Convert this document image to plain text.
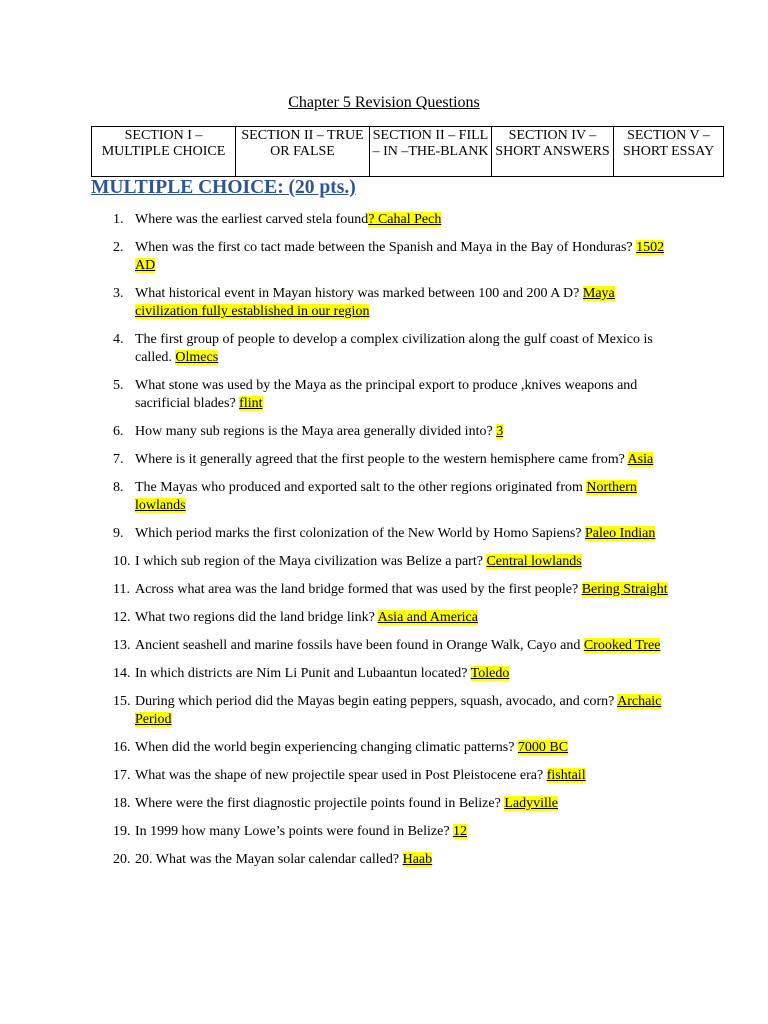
Chapter 5 Revision Questions
SECTION I – MULTIPLE CHOICE	SECTION II – TRUE OR FALSE	SECTION II – FILL – IN –THE-BLANK	SECTION IV – SHORT ANSWERS	SECTION V – SHORT ESSAY
MULTIPLE CHOICE: (20 pts.)
1. Where was the earliest carved stela found? Cahal Pech
2. When was the first co tact made between the Spanish and Maya in the Bay of Honduras? 1502 AD
3. What historical event in Mayan history was marked between 100 and 200 A D? Maya civilization fully established in our region
4. The first group of people to develop a complex civilization along the gulf coast of Mexico is called. Olmecs
5. What stone was used by the Maya as the principal export to produce ,knives weapons and sacrificial blades? flint
6. How many sub regions is the Maya area generally divided into? 3
7. Where is it generally agreed that the first people to the western hemisphere came from? Asia
8. The Mayas who produced and exported salt to the other regions originated from Northern lowlands
9. Which period marks the first colonization of the New World by Homo Sapiens? Paleo Indian
10. I which sub region of the Maya civilization was Belize a part? Central lowlands
11. Across what area was the land bridge formed that was used by the first people? Bering Straight
12. What two regions did the land bridge link? Asia and America
13. Ancient seashell and marine fossils have been found in Orange Walk, Cayo and Crooked Tree
14. In which districts are Nim Li Punit and Lubaantun located? Toledo
15. During which period did the Mayas begin eating peppers, squash, avocado, and corn? Archaic Period
16. When did the world begin experiencing changing climatic patterns? 7000 BC
17. What was the shape of new projectile spear used in Post Pleistocene era? fishtail
18. Where were the first diagnostic projectile points found in Belize? Ladyville
19. In 1999 how many Lowe’s points were found in Belize? 12
20. 20. What was the Mayan solar calendar called? Haab
